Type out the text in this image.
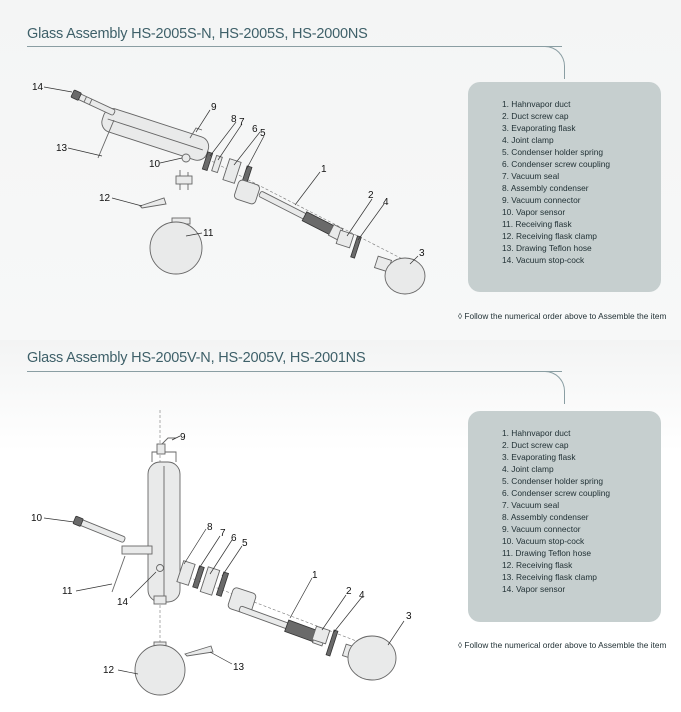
Glass Assembly HS-2005S-N, HS-2005S, HS-2000NS
14
9
8 7
6 5
13
10	1
2
4
12
11
3
1. Hahnvapor duct
2. Duct screw cap
3. Evaporating flask
4. Joint clamp
5. Condenser holder spring
6. Condenser screw coupling
7. Vacuum seal
8. Assembly condenser
9. Vacuum connector
10. Vapor sensor
11. Receiving flask
12. Receiving flask clamp
13. Drawing Teflon hose
14. Vacuum stop-cock
◊ Follow the numerical order above to Assemble the item
Glass Assembly HS-2005V-N, HS-2005V, HS-2001NS
9
10
8
7 6 5
11
14
1
2 4
3
12	13
1. Hahnvapor duct
2. Duct screw cap
3. Evaporating flask
4. Joint clamp
5. Condenser holder spring
6. Condenser screw coupling
7. Vacuum seal
8. Assembly condenser
9. Vacuum connector
10. Vacuum stop-cock
11. Drawing Teflon hose
12. Receiving flask
13. Receiving flask clamp
14. Vapor sensor
◊ Follow the numerical order above to Assemble the item
